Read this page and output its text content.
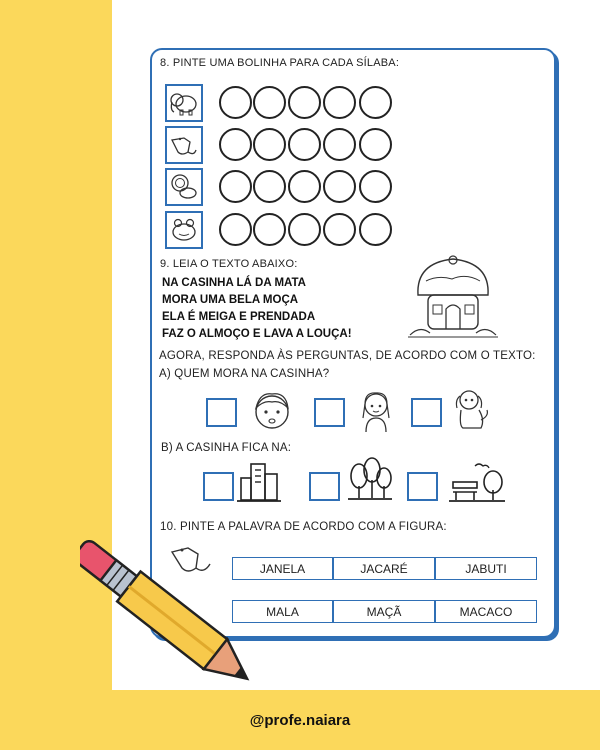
8. PINTE UMA BOLINHA PARA CADA SÍLABA:
9. LEIA O TEXTO ABAIXO:
NA CASINHA LÁ DA MATA
MORA UMA BELA MOÇA
ELA É MEIGA E PRENDADA
FAZ O ALMOÇO E LAVA A LOUÇA!
AGORA, RESPONDA ÀS PERGUNTAS, DE ACORDO COM O TEXTO:
A) QUEM MORA NA CASINHA?
B) A CASINHA FICA NA:
10. PINTE A PALAVRA DE ACORDO COM A FIGURA:
JANELA	JACARÉ	JABUTI
MALA	MAÇÃ	MACACO
@profe.naiara
